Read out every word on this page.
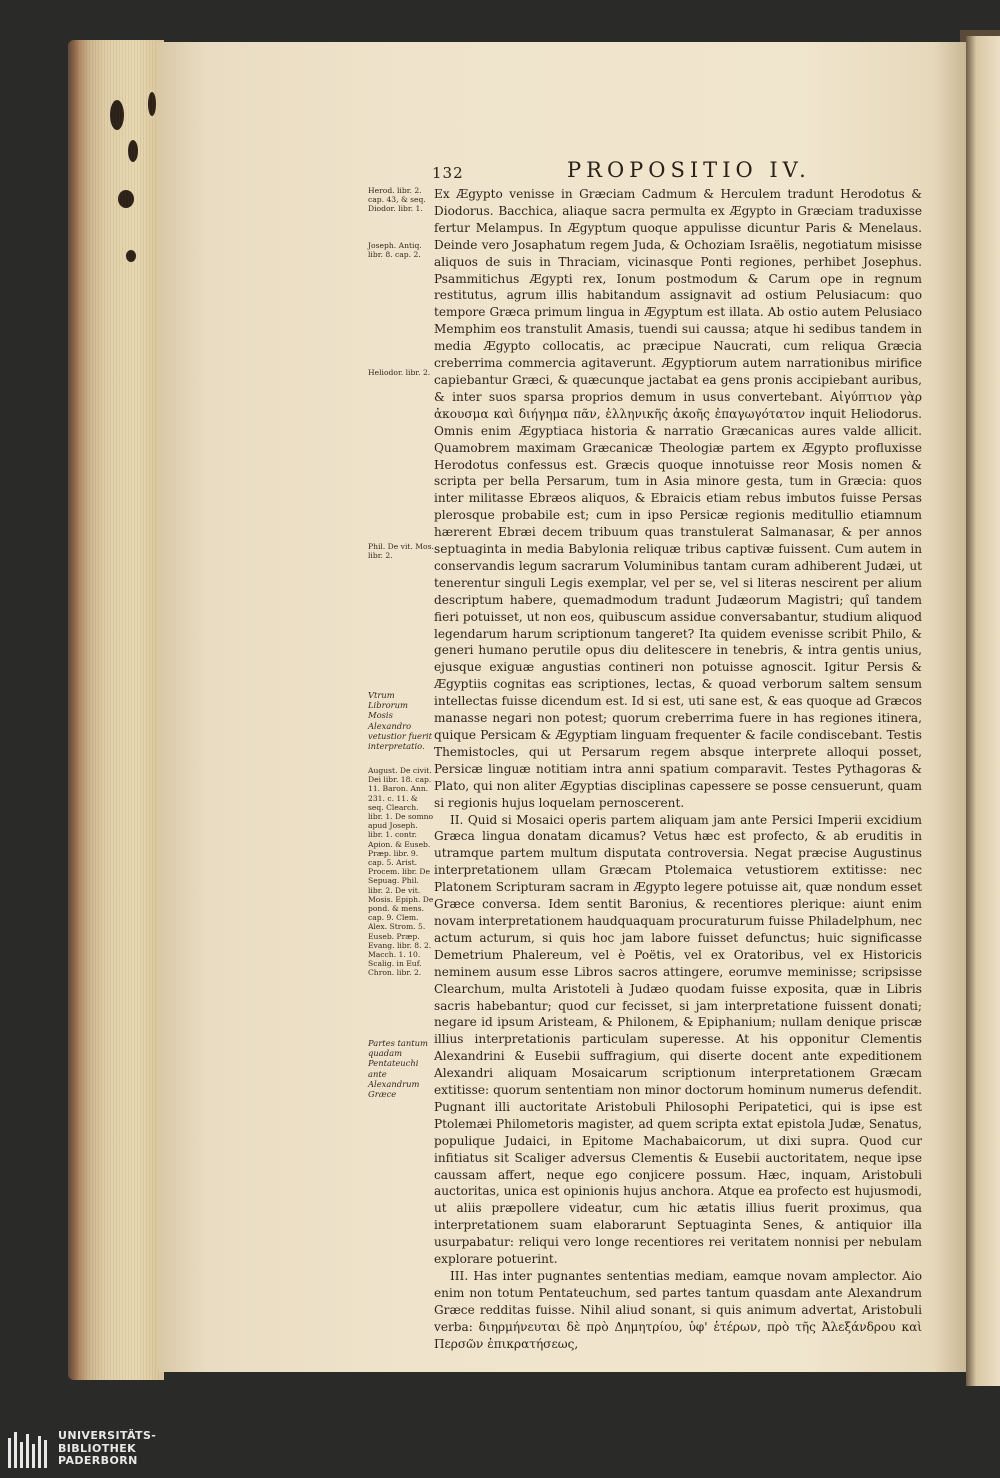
132	PROPOSITIO IV.
Herod. libr. 2. cap. 43, & seq. Diodor. libr. 1.
Joseph. Antiq. libr. 8. cap. 2.
Heliodor. libr. 2.
Phil. De vit. Mos. libr. 2.
Vtrum Librorum Mosis Alexandro vetustior fuerit interpretatio.
August. De civit. Dei libr. 18. cap. 11. Baron. Ann. 231. c. 11. & seq. Clearch. libr. 1. De somno apud Joseph. libr. 1. contr. Apion. & Euseb. Præp. libr. 9. cap. 5. Arist. Procem. libr. De Sepuag. Phil. libr. 2. De vit. Mosis. Epiph. De pond. & mens. cap. 9. Clem. Alex. Strom. 5. Euseb. Præp. Evang. libr. 8. 2. Macch. 1. 10. Scalig. in Euf. Chron. libr. 2.
Partes tantum quadam Pentateuchi ante Alexandrum Græce

Ex Ægypto venisse in Græciam Cadmum & Herculem tradunt Herodotus & Diodorus. Bacchica, aliaque sacra permulta ex Ægypto in Græciam traduxisse fertur Melampus. In Ægyptum quoque appulisse dicuntur Paris & Menelaus. Deinde vero Josaphatum regem Juda, & Ochoziam Israëlis, negotiatum misisse aliquos de suis in Thraciam, vicinasque Ponti regiones, perhibet Josephus. Psammitichus Ægypti rex, Ionum postmodum & Carum ope in regnum restitutus, agrum illis habitandum assignavit ad ostium Pelusiacum: quo tempore Græca primum lingua in Ægyptum est illata. Ab ostio autem Pelusiaco Memphim eos transtulit Amasis, tuendi sui caussa; atque hi sedibus tandem in media Ægypto collocatis, ac præcipue Naucrati, cum reliqua Græcia creberrima commercia agitaverunt. Ægyptiorum autem narrationibus mirifice capiebantur Græci, & quæcunque jactabat ea gens pronis accipiebant auribus, & inter suos sparsa proprios demum in usus convertebant. Αἰγύπτιον γὰρ ἀκουσμα καὶ διήγημα πᾶν, ἑλληνικῆς ἀκοῆς ἐπαγωγότατον inquit Heliodorus. Omnis enim Ægyptiaca historia & narratio Græcanicas aures valde allicit. Quamobrem maximam Græcanicæ Theologiæ partem ex Ægypto profluxisse Herodotus confessus est. Græcis quoque innotuisse reor Mosis nomen & scripta per bella Persarum, tum in Asia minore gesta, tum in Græcia: quos inter militasse Ebræos aliquos, & Ebraicis etiam rebus imbutos fuisse Persas plerosque probabile est; cum in ipso Persicæ regionis meditullio etiamnum hærerent Ebræi decem tribuum quas transtulerat Salmanasar, & per annos septuaginta in media Babylonia reliquæ tribus captivæ fuissent. Cum autem in conservandis legum sacrarum Voluminibus tantam curam adhiberent Judæi, ut tenerentur singuli Legis exemplar, vel per se, vel si literas nescirent per alium descriptum habere, quemadmodum tradunt Judæorum Magistri; quî tandem fieri potuisset, ut non eos, quibuscum assidue conversabantur, studium aliquod legendarum harum scriptionum tangeret? Ita quidem evenisse scribit Philo, & generi humano perutile opus diu delitescere in tenebris, & intra gentis unius, ejusque exiguæ angustias contineri non potuisse agnoscit. Igitur Persis & Ægyptiis cognitas eas scriptiones, lectas, & quoad verborum saltem sensum intellectas fuisse dicendum est. Id si est, uti sane est, & eas quoque ad Græcos manasse negari non potest; quorum creberrima fuere in has regiones itinera, quique Persicam & Ægyptiam linguam frequenter & facile condiscebant. Testis Themistocles, qui ut Persarum regem absque interprete alloqui posset, Persicæ linguæ notitiam intra anni spatium comparavit. Testes Pythagoras & Plato, qui non aliter Ægyptias disciplinas capessere se posse censuerunt, quam si regionis hujus loquelam pernoscerent.

II. Quid si Mosaici operis partem aliquam jam ante Persici Imperii excidium Græca lingua donatam dicamus? Vetus hæc est profecto, & ab eruditis in utramque partem multum disputata controversia. Negat præcise Augustinus interpretationem ullam Græcam Ptolemaica vetustiorem extitisse: nec Platonem Scripturam sacram in Ægypto legere potuisse ait, quæ nondum esset Græce conversa. Idem sentit Baronius, & recentiores plerique: aiunt enim novam interpretationem haudquaquam procuraturum fuisse Philadelphum, nec actum acturum, si quis hoc jam labore fuisset defunctus; huic significasse Demetrium Phalereum, vel è Poëtis, vel ex Oratoribus, vel ex Historicis neminem ausum esse Libros sacros attingere, eorumve meminisse; scripsisse Clearchum, multa Aristoteli à Judæo quodam fuisse exposita, quæ in Libris sacris habebantur; quod cur fecisset, si jam interpretatione fuissent donati; negare id ipsum Aristeam, & Philonem, & Epiphanium; nullam denique priscæ illius interpretationis particulam superesse. At his opponitur Clementis Alexandrini & Eusebii suffragium, qui diserte docent ante expeditionem Alexandri aliquam Mosaicarum scriptionum interpretationem Græcam extitisse: quorum sententiam non minor doctorum hominum numerus defendit. Pugnant illi auctoritate Aristobuli Philosophi Peripatetici, qui is ipse est Ptolemæi Philometoris magister, ad quem scripta extat epistola Judæ, Senatus, populique Judaici, in Epitome Machabaicorum, ut dixi supra. Quod cur infitiatus sit Scaliger adversus Clementis & Eusebii auctoritatem, neque ipse caussam affert, neque ego conjicere possum. Hæc, inquam, Aristobuli auctoritas, unica est opinionis hujus anchora. Atque ea profecto est hujusmodi, ut aliis præpollere videatur, cum hic ætatis illius fuerit proximus, qua interpretationem suam elaborarunt Septuaginta Senes, & antiquior illa usurpabatur: reliqui vero longe recentiores rei veritatem nonnisi per nebulam explorare potuerint.

III. Has inter pugnantes sententias mediam, eamque novam amplector. Aio enim non totum Pentateuchum, sed partes tantum quasdam ante Alexandrum Græce redditas fuisse. Nihil aliud sonant, si quis animum advertat, Aristobuli verba: διηρμήνευται δὲ πρὸ Δημητρίου, ὑφ' ἑτέρων, πρὸ τῆς Ἀλεξάνδρου καὶ Περσῶν ἐπικρατήσεως,

UNIVERSITÄTS-
BIBLIOTHEK
PADERBORN
